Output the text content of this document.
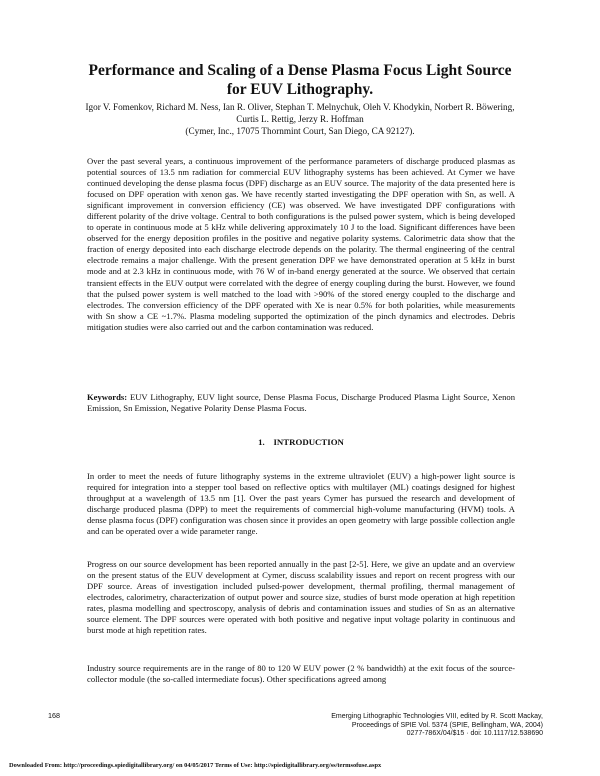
Performance and Scaling of a Dense Plasma Focus Light Source for EUV Lithography.
Igor V. Fomenkov, Richard M. Ness, Ian R. Oliver, Stephan T. Melnychuk, Oleh V. Khodykin, Norbert R. Böwering, Curtis L. Rettig, Jerzy R. Hoffman
(Cymer, Inc., 17075 Thornmint Court, San Diego, CA 92127).
Over the past several years, a continuous improvement of the performance parameters of discharge produced plasmas as potential sources of 13.5 nm radiation for commercial EUV lithography systems has been achieved. At Cymer we have continued developing the dense plasma focus (DPF) discharge as an EUV source. The majority of the data presented here is focused on DPF operation with xenon gas. We have recently started investigating the DPF operation with Sn, as well. A significant improvement in conversion efficiency (CE) was observed. We have investigated DPF configurations with different polarity of the drive voltage. Central to both configurations is the pulsed power system, which is being developed to operate in continuous mode at 5 kHz while delivering approximately 10 J to the load. Significant differences have been observed for the energy deposition profiles in the positive and negative polarity systems. Calorimetric data show that the fraction of energy deposited into each discharge electrode depends on the polarity. The thermal engineering of the central electrode remains a major challenge. With the present generation DPF we have demonstrated operation at 5 kHz in burst mode and at 2.3 kHz in continuous mode, with 76 W of in-band energy generated at the source. We observed that certain transient effects in the EUV output were correlated with the degree of energy coupling during the burst. However, we found that the pulsed power system is well matched to the load with >90% of the stored energy coupled to the discharge and electrodes. The conversion efficiency of the DPF operated with Xe is near 0.5% for both polarities, while measurements with Sn show a CE ~1.7%. Plasma modeling supported the optimization of the pinch dynamics and electrodes. Debris mitigation studies were also carried out and the carbon contamination was reduced.
Keywords: EUV Lithography, EUV light source, Dense Plasma Focus, Discharge Produced Plasma Light Source, Xenon Emission, Sn Emission, Negative Polarity Dense Plasma Focus.
1. INTRODUCTION
In order to meet the needs of future lithography systems in the extreme ultraviolet (EUV) a high-power light source is required for integration into a stepper tool based on reflective optics with multilayer (ML) coatings designed for highest throughput at a wavelength of 13.5 nm [1]. Over the past years Cymer has pursued the research and development of discharge produced plasma (DPP) to meet the requirements of commercial high-volume manufacturing (HVM) tools. A dense plasma focus (DPF) configuration was chosen since it provides an open geometry with large possible collection angle and can be operated over a wide parameter range.
Progress on our source development has been reported annually in the past [2-5]. Here, we give an update and an overview on the present status of the EUV development at Cymer, discuss scalability issues and report on recent progress with our DPF source. Areas of investigation included pulsed-power development, thermal profiling, thermal management of electrodes, calorimetry, characterization of output power and source size, studies of burst mode operation at high repetition rates, plasma modelling and spectroscopy, analysis of debris and contamination issues and studies of Sn as an alternative source element. The DPF sources were operated with both positive and negative input voltage polarity in continuous and burst mode at high repetition rates.
Industry source requirements are in the range of 80 to 120 W EUV power (2 % bandwidth) at the exit focus of the source-collector module (the so-called intermediate focus). Other specifications agreed among
168	Emerging Lithographic Technologies VIII, edited by R. Scott Mackay,
Proceedings of SPIE Vol. 5374 (SPIE, Bellingham, WA, 2004)
0277-786X/04/$15 · doi: 10.1117/12.538690
Downloaded From: http://proceedings.spiedigitallibrary.org/ on 04/05/2017 Terms of Use: http://spiedigitallibrary.org/ss/termsofuse.aspx
